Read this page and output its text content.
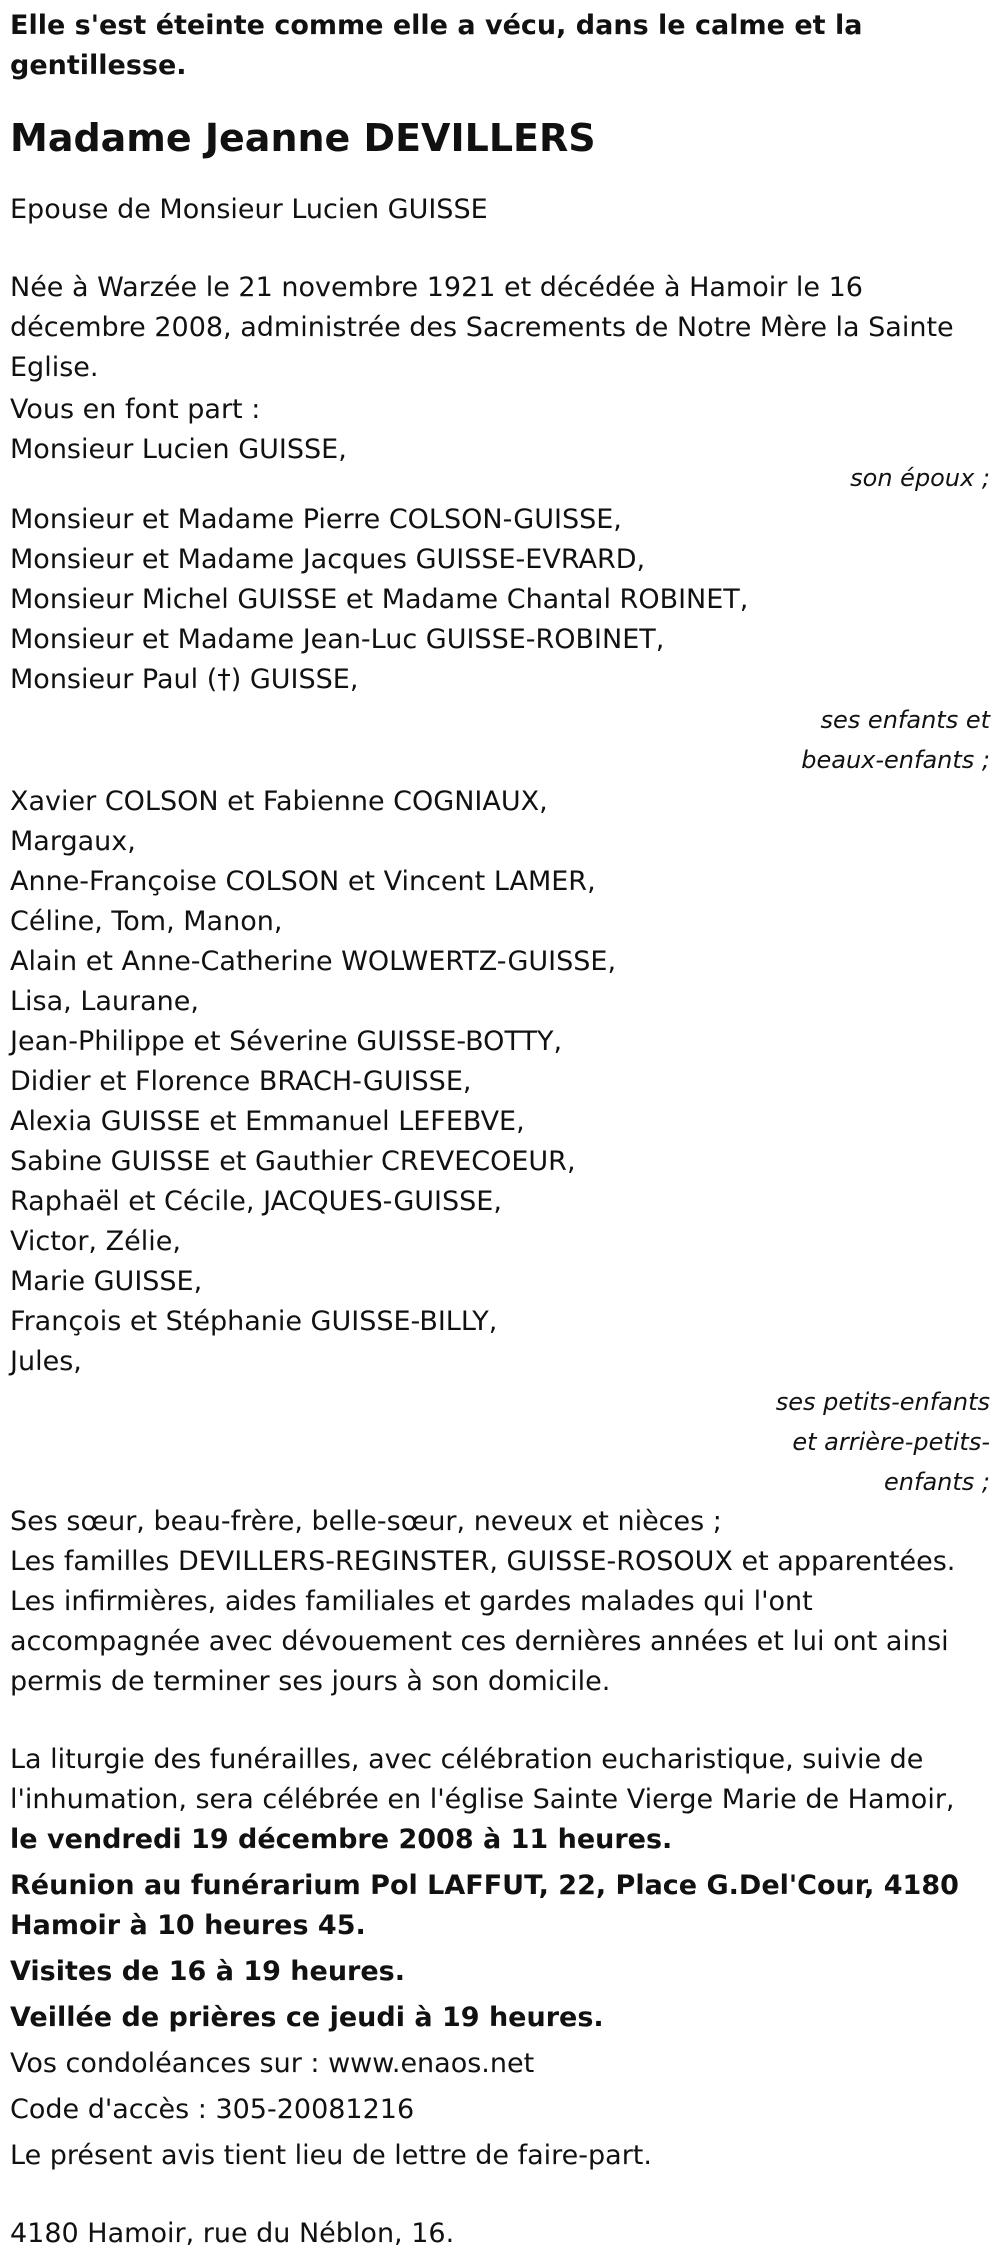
Elle s'est éteinte comme elle a vécu, dans le calme et la gentillesse.

Madame Jeanne DEVILLERS

Epouse de Monsieur Lucien GUISSE

Née à Warzée le 21 novembre 1921 et décédée à Hamoir le 16 décembre 2008, administrée des Sacrements de Notre Mère la Sainte Eglise.

Vous en font part :

Monsieur Lucien GUISSE,

son époux ;

Monsieur et Madame Pierre COLSON-GUISSE,
Monsieur et Madame Jacques GUISSE-EVRARD,
Monsieur Michel GUISSE et Madame Chantal ROBINET,
Monsieur et Madame Jean-Luc GUISSE-ROBINET,
Monsieur Paul (†) GUISSE,
ses enfants et
beaux-enfants ;
Xavier COLSON et Fabienne COGNIAUX,
Margaux,
Anne-Françoise COLSON et Vincent LAMER,
Céline, Tom, Manon,
Alain et Anne-Catherine WOLWERTZ-GUISSE,
Lisa, Laurane,
Jean-Philippe et Séverine GUISSE-BOTTY,
Didier et Florence BRACH-GUISSE,
Alexia GUISSE et Emmanuel LEFEBVE,
Sabine GUISSE et Gauthier CREVECOEUR,
Raphaël et Cécile, JACQUES-GUISSE,
Victor, Zélie,
Marie GUISSE,
François et Stéphanie GUISSE-BILLY,
Jules,
ses petits-enfants
et arrière-petits-
enfants ;

Ses sœur, beau-frère, belle-sœur, neveux et nièces ;

Les familles DEVILLERS-REGINSTER, GUISSE-ROSOUX et apparentées.

Les infirmières, aides familiales et gardes malades qui l'ont accompagnée avec dévouement ces dernières années et lui ont ainsi permis de terminer ses jours à son domicile.

La liturgie des funérailles, avec célébration eucharistique, suivie de l'inhumation, sera célébrée en l'église Sainte Vierge Marie de Hamoir, le vendredi 19 décembre 2008 à 11 heures.

Réunion au funérarium Pol LAFFUT, 22, Place G.Del'Cour, 4180 Hamoir à 10 heures 45.

Visites de 16 à 19 heures.

Veillée de prières ce jeudi à 19 heures.

Vos condoléances sur : www.enaos.net

Code d'accès : 305-20081216

Le présent avis tient lieu de lettre de faire-part.

4180 Hamoir, rue du Néblon, 16.
